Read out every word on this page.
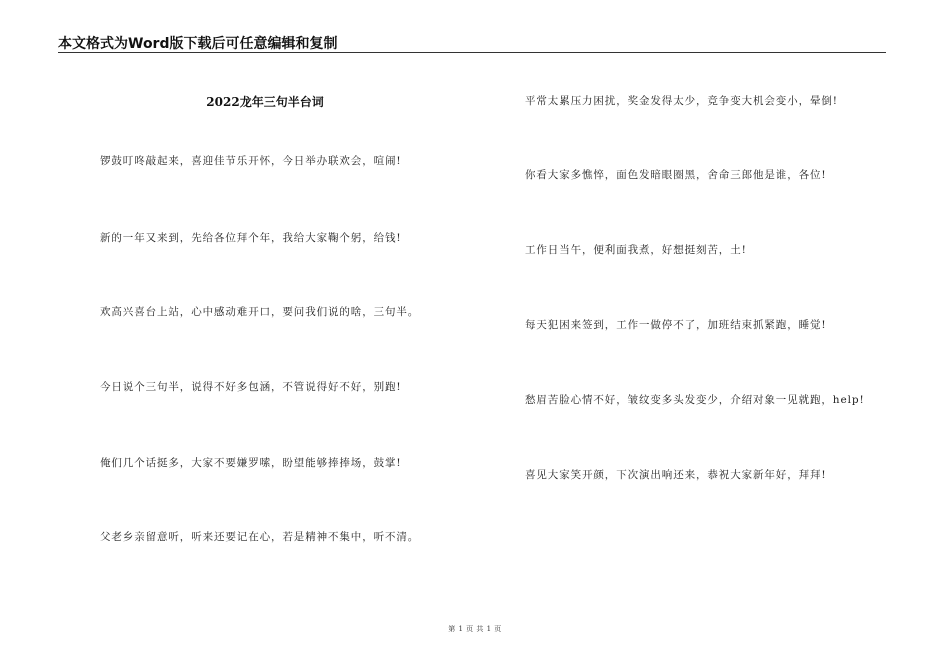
本文格式为Word版下载后可任意编辑和复制
2022龙年三句半台词
锣鼓叮咚敲起来，喜迎佳节乐开怀，今日举办联欢会，喧闹!
新的一年又来到，先给各位拜个年，我给大家鞠个躬，给钱!
欢高兴喜台上站，心中感动难开口，要问我们说的啥，三句半。
今日说个三句半，说得不好多包涵，不管说得好不好，别跑!
俺们几个话挺多，大家不要嫌罗嗦，盼望能够捧捧场，鼓掌!
父老乡亲留意听，听来还要记在心，若是精神不集中，听不清。
平常太累压力困扰，奖金发得太少，竞争变大机会变小，晕倒!
你看大家多憔悴，面色发暗眼圈黑，舍命三郎他是谁，各位!
工作日当午，便利面我煮，好想挺刻苦，土!
每天犯困来签到，工作一做停不了，加班结束抓紧跑，睡觉!
愁眉苦脸心情不好，皱纹变多头发变少，介绍对象一见就跑，help!
喜见大家笑开颜，下次演出响还来，恭祝大家新年好，拜拜!
第 1 页 共 1 页
